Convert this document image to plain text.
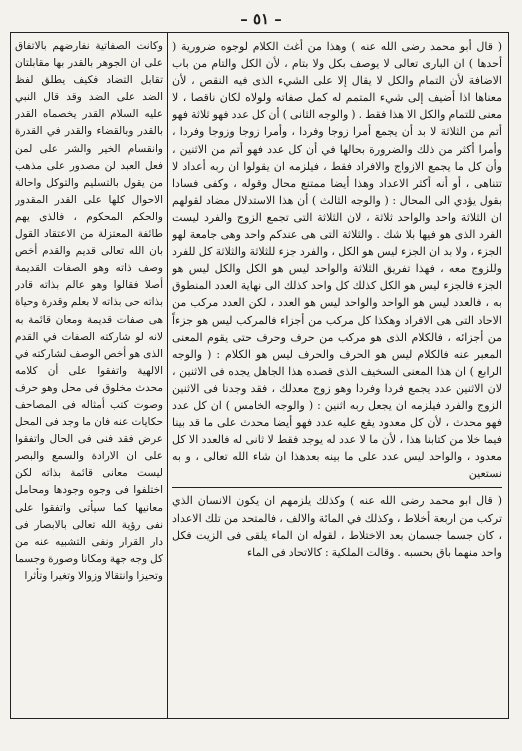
– ٥١ –

( قال أبو محمد رضى الله عنه ) وهذا من أغث الكلام لوجوه ضرورية ( أحدها ) ان البارى تعالى لا يوصف بكل ولا بتام ، لأن الكل والتام من باب الاضافة لأن التمام والكل لا يقال إلا على الشيء الذى فيه النقص ، لأن معناها اذا أضيف إلى شيء المتمم له كمل صفاته ولولاه لكان ناقصا ، لا معنى للتمام والكل الا هذا فقط . ( والوجه الثانى ) أن كل عدد فهو ثلاثة فهو أتم من الثلاثة لا بد أن يجمع أمرا زوجا وفردا ، وأمرا زوجا وزوجا وفردا ، وأمرا أكثر من ذلك والضرورة بحالها في أن كل عدد فهو أتم من الاثنين ، وأن كل ما يجمع الازواج والافراد فقط ، فيلزمه ان يقولوا ان ربه أعداد لا تتناهى ، أو أنه أكثر الاعداد وهذا أيضا ممتنع محال وقوله ، وكفى فسادا بقول يؤدي الى المحال : ( والوجه الثالث ) أن هذا الاستدلال مضاد لقولهم ان الثلاثة واحد والواحد ثلاثة ، لان الثلاثة التى تجمع الزوج والفرد ليست الفرد الذى هو فيها بلا شك . والثلاثة التى هى عندكم واحد وهى جامعة لهو الجزء ، ولا بد ان الجزء ليس هو الكل ، والفرد جزء للثلاثة والثلاثة كل للفرد وللزوج معه ، فهذا تفريق الثلاثة والواحد ليس هو الكل والكل ليس هو الجزء فالجزء ليس هو الكل كذلك كل واحد كذلك الى نهاية العدد المنطوق به ، فالعدد ليس هو الواحد والواحد ليس هو العدد ، لكن العدد مركب من الاحاد التى هى الافراد وهكذا كل مركب من أجزاء فالمركب ليس هو جزءاً من أجزائه ، فالكلام الذى هو مركب من حرف وحرف حتى يقوم المعنى المعبر عنه فالكلام ليس هو الحرف والحرف ليس هو الكلام : ( والوجه الرابع ) ان هذا المعنى السخيف الذى قصده هذا الجاهل يجده فى الاثنين ، لان الاثنين عدد يجمع فردا وفردا وهو زوج معدلك ، فقد وجدنا فى الاثنين الزوج والفرد فيلزمه ان يجعل ربه اثنين : ( والوجه الخامس ) ان كل عدد فهو محدث ، لأن كل معدود يقع عليه عدد فهو أيضا محدث على ما قد بينا فيما خلا من كتابنا هذا ، لأن ما لا عدد له يوجد فقط لا ثانى له فالعدد الا كل معدود ، والواحد ليس عدد على ما بينه بعدهذا ان شاء الله تعالى ، و به نستعين

( قال ابو محمد رضى الله عنه ) وكذلك يلزمهم ان يكون الانسان الذي تركب من اربعة أخلاط ، وكذلك في المائة والالف ، فالمتحد من تلك الاعداد ، كان جسما جسمان بعد الاختلاط ، لقوله ان الماء يلقى فى الزيت فكل واحد منهما باق بحسبه . وقالت الملكية : كالاتحاد فى الماء

وكانت الصفاتية نفارضهم بالاتفاق على ان الجوهر بالقدر بها مقابلتان تقابل التضاد فكيف يطلق لفظ الضد على الضد وقد قال النبي عليه السلام القدر يخصماه القدر بالقدر وبالقضاء والقدر في القدرة وانقسام الخير والشر على لمن فعل العبد لن مصدور على مذهب من يقول بالتسليم والتوكل واحالة الاحوال كلها على القدر المقدور والحكم المحكوم ، فالذى يهم طائفة المعتزلة من الاعتقاد القول بان الله تعالى قديم والقدم أخص وصف ذاته وهو الصفات القديمة أصلا فقالوا وهو عالم بذاته قادر بذاته حى بذاته لا بعلم وقدرة وحياة هى صفات قديمة ومعان قائمة به لانه لو شاركته الصفات في القدم الذى هو أخص الوصف لشاركته في الالهية واتفقوا على أن كلامه محدث مخلوق فى محل وهو حرف وصوت كتب أمثاله فى المصاحف حكايات عنه فان ما وجد فى المحل عرض فقد فنى فى الحال واتفقوا على ان الارادة والسمع والبصر ليست معانى قائمة بذاته لكن اختلفوا فى وجوه وجودها ومحامل معانيها كما سيأتى واتفقوا على نفى رؤية الله تعالى بالابصار فى دار القرار ونفى التشبيه عنه من كل وجه جهة ومكانا وصورة وجسما وتحيزا وانتقالا وزوالا وتغيرا وتأثرا
